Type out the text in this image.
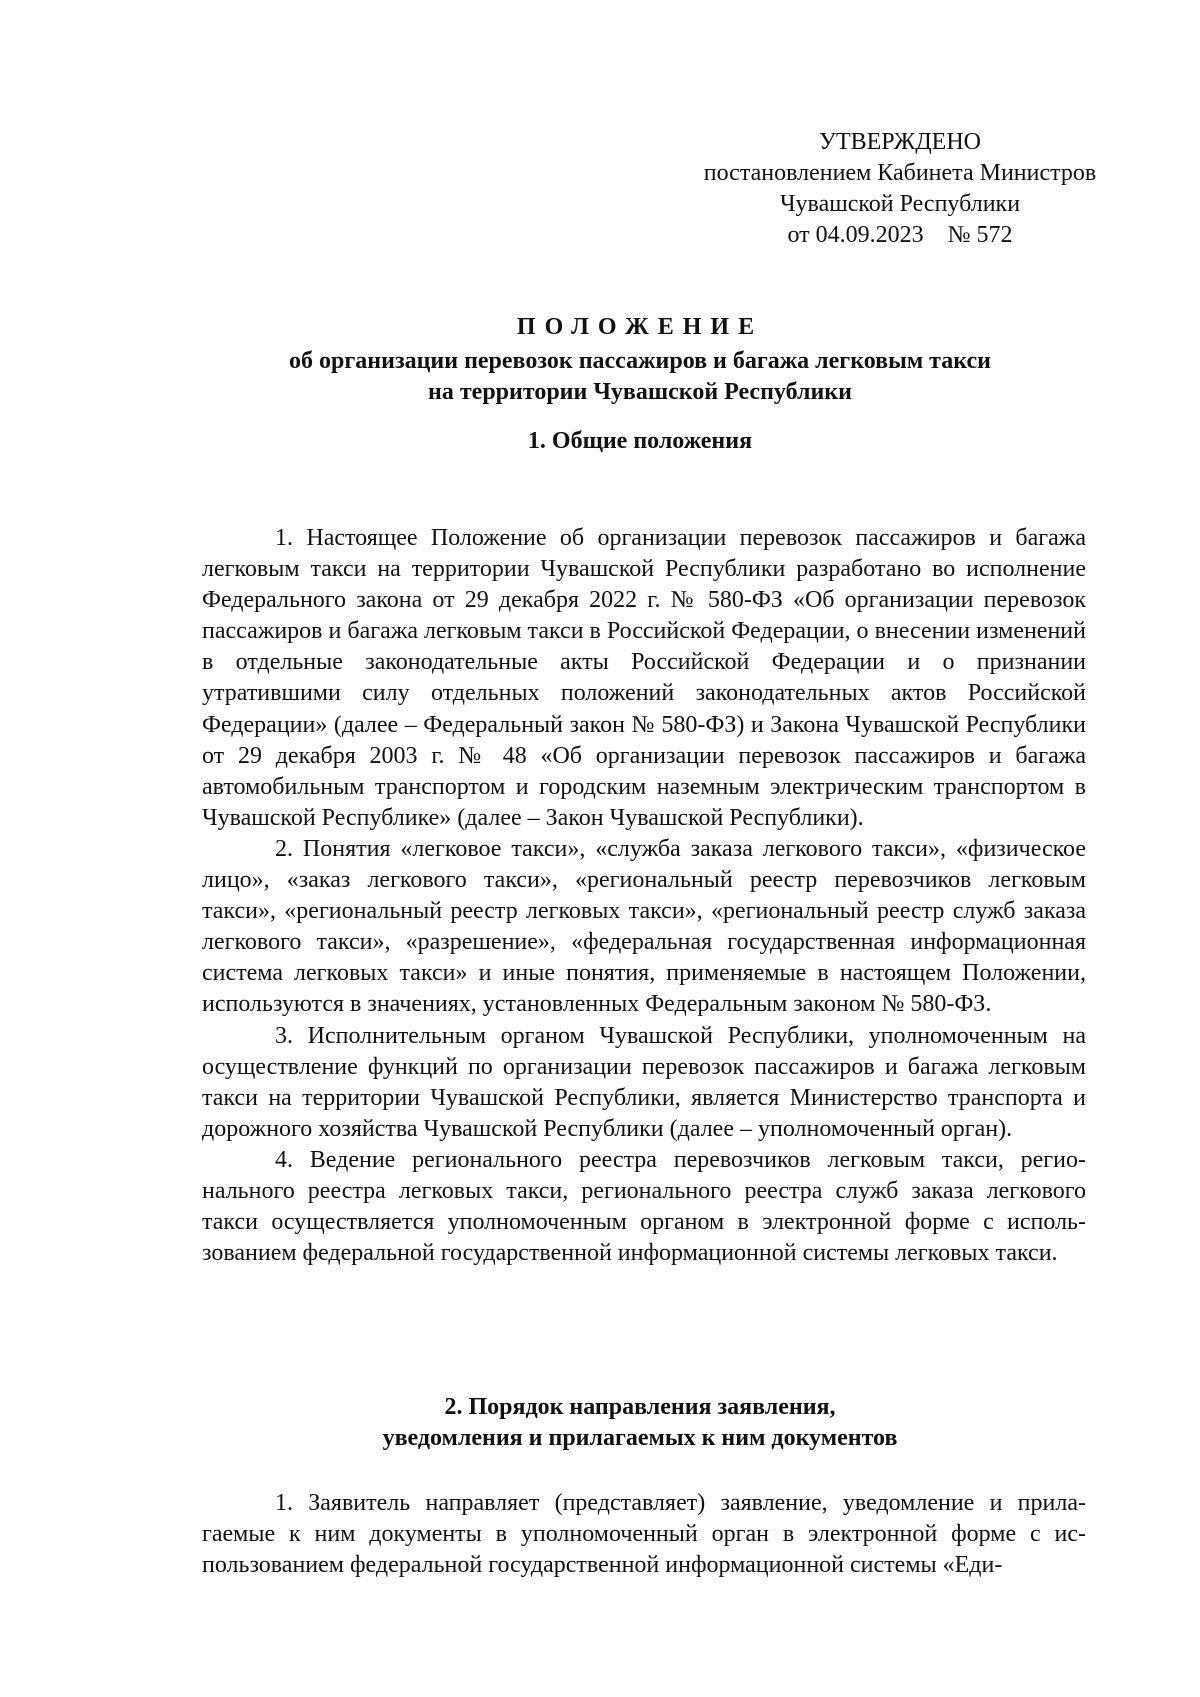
УТВЕРЖДЕНО
постановлением Кабинета Министров
Чувашской Республики
от 04.09.2023    № 572
ПОЛОЖЕНИЕ
об организации перевозок пассажиров и багажа легковым такси
на территории Чувашской Республики
1. Общие положения

1. Настоящее Положение об организации перевозок пассажиров и багажа легковым такси на территории Чувашской Республики разработано во исполнение Федерального закона от 29 декабря 2022 г. № 580-ФЗ «Об организации перевозок пассажиров и багажа легковым такси в Российской Федерации, о внесении изменений в отдельные законодательные акты Российской Федерации и о признании утратившими силу отдельных положений законодательных актов Российской Федерации» (далее – Федеральный закон № 580-ФЗ) и Закона Чувашской Республики от 29 декабря 2003 г. № 48 «Об организации перевозок пассажиров и багажа автомобильным транспортом и городским наземным электрическим транспортом в Чувашской Республике» (далее – Закон Чувашской Республики).

2. Понятия «легковое такси», «служба заказа легкового такси», «физическое лицо», «заказ легкового такси», «региональный реестр перевозчиков легковым такси», «региональный реестр легковых такси», «региональный реестр служб заказа легкового такси», «разрешение», «федеральная государственная информационная система легковых такси» и иные понятия, применяемые в настоящем Положении, используются в значениях, установленных Федеральным законом № 580-ФЗ.

3. Исполнительным органом Чувашской Республики, уполномоченным на осуществление функций по организации перевозок пассажиров и багажа легковым такси на территории Чувашской Республики, является Министерство транспорта и дорожного хозяйства Чувашской Республики (далее – уполномоченный орган).

4. Ведение регионального реестра перевозчиков легковым такси, регионального реестра легковых такси, регионального реестра служб заказа легкового такси осуществляется уполномоченным органом в электронной форме с использованием федеральной государственной информационной системы легковых такси.

2. Порядок направления заявления,
уведомления и прилагаемых к ним документов

1. Заявитель направляет (представляет) заявление, уведомление и прилагаемые к ним документы в уполномоченный орган в электронной форме с использованием федеральной государственной информационной системы «Еди-
